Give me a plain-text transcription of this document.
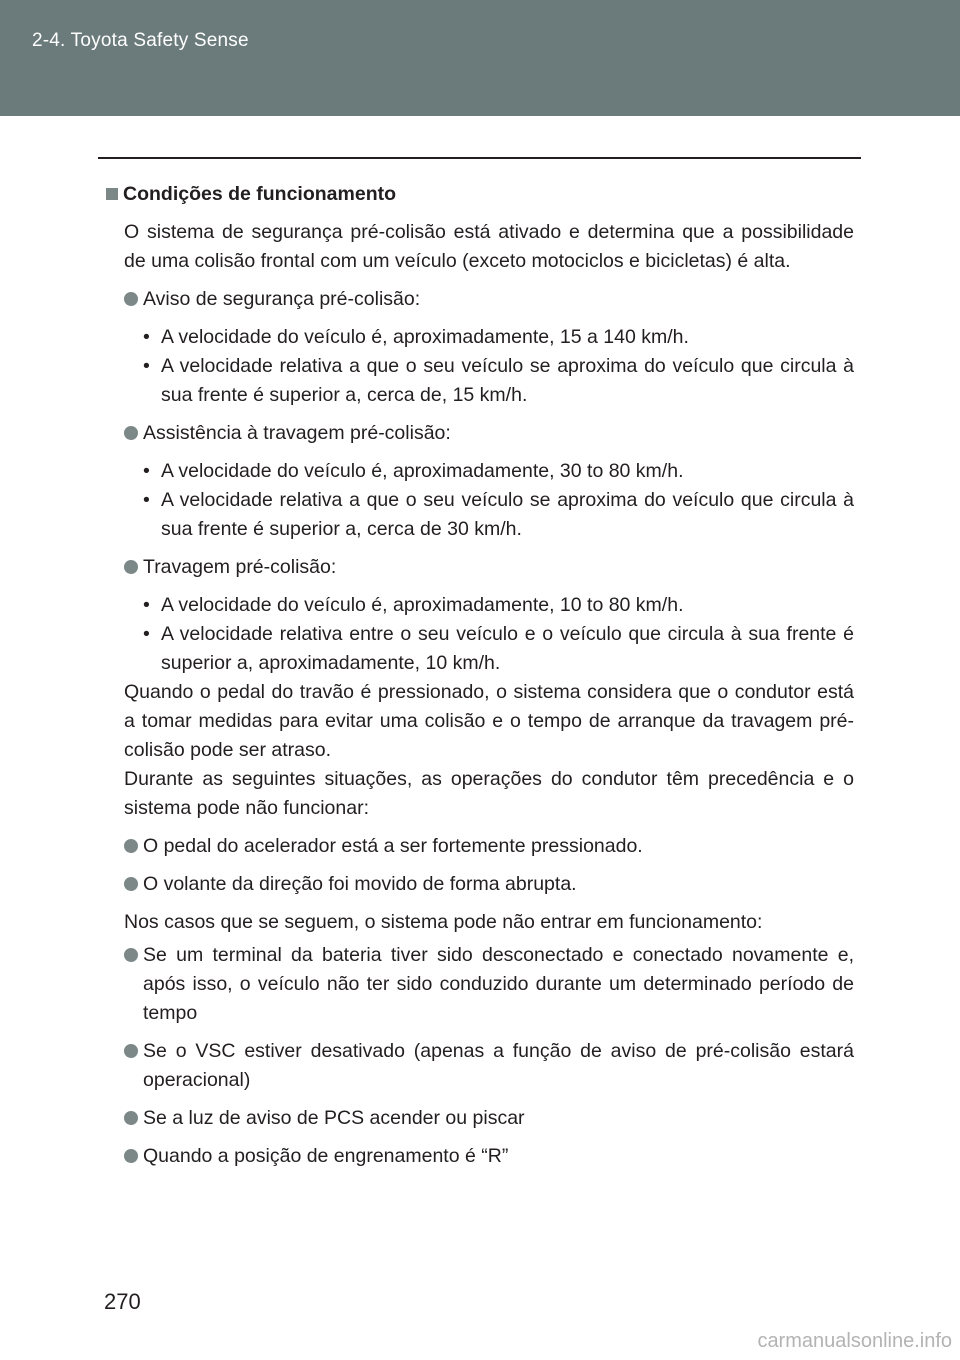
2-4. Toyota Safety Sense
Condições de funcionamento
O sistema de segurança pré-colisão está ativado e determina que a possibilidade de uma colisão frontal com um veículo (exceto motociclos e bicicletas) é alta.
Aviso de segurança pré-colisão:
• A velocidade do veículo é, aproximadamente, 15 a 140 km/h.
• A velocidade relativa a que o seu veículo se aproxima do veículo que circula à sua frente é superior a, cerca de, 15 km/h.
Assistência à travagem pré-colisão:
• A velocidade do veículo é, aproximadamente, 30 to 80 km/h.
• A velocidade relativa a que o seu veículo se aproxima do veículo que circula à sua frente é superior a, cerca de 30 km/h.
Travagem pré-colisão:
• A velocidade do veículo é, aproximadamente, 10 to 80 km/h.
• A velocidade relativa entre o seu veículo e o veículo que circula à sua frente é superior a, aproximadamente, 10 km/h.
Quando o pedal do travão é pressionado, o sistema considera que o condutor está a tomar medidas para evitar uma colisão e o tempo de arranque da travagem pré-colisão pode ser atraso.
Durante as seguintes situações, as operações do condutor têm precedência e o sistema pode não funcionar:
O pedal do acelerador está a ser fortemente pressionado.
O volante da direção foi movido de forma abrupta.
Nos casos que se seguem, o sistema pode não entrar em funcionamento:
Se um terminal da bateria tiver sido desconectado e conectado novamente e, após isso, o veículo não ter sido conduzido durante um determinado período de tempo
Se o VSC estiver desativado (apenas a função de aviso de pré-colisão estará operacional)
Se a luz de aviso de PCS acender ou piscar
Quando a posição de engrenamento é “R”
270
carmanualsonline.info
